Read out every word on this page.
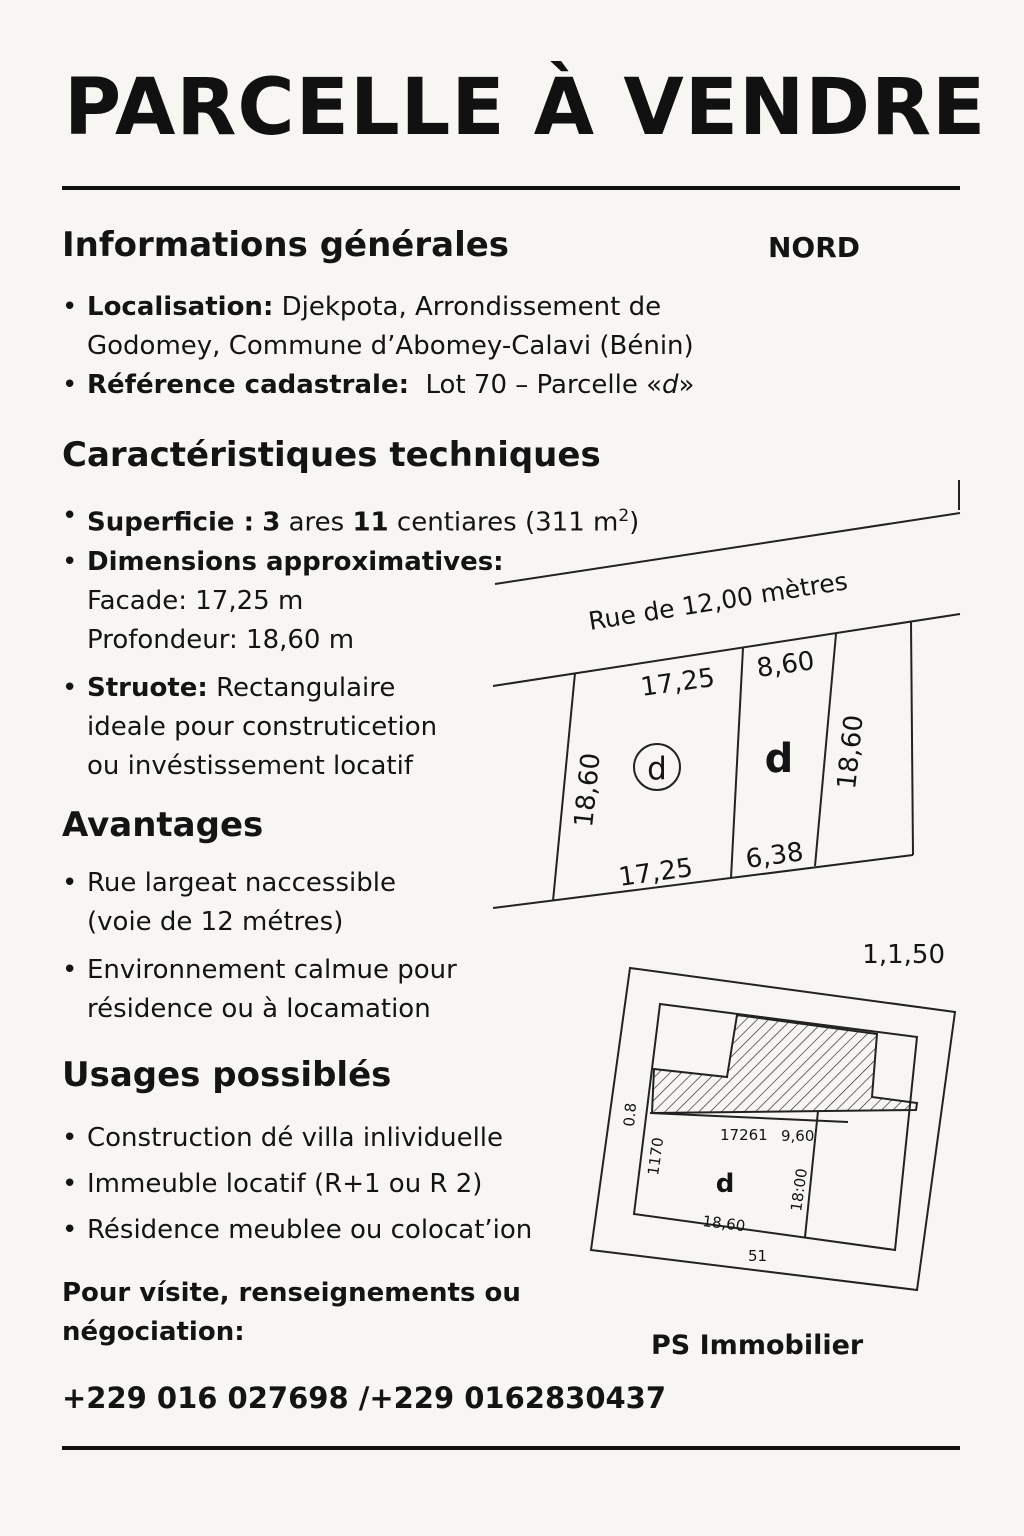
PARCELLE À VENDRE
Informations générales	NORD
• Localisation: Djekpota, Arrondissement de
Godomey, Commune d’Abomey-Calavi (Bénin)
• Référence cadastrale: Lot 70 – Parcelle «d»
Caractéristiques techniques
• Superficie : 3 ares 11 centiares (311 $m^2$)
• Dimensions approximatives:
Facade: 17,25 m
Profondeur: 18,60 m
• Struote: Rectangulaire
ideale pour construticetion
ou invéstissement locatif
Avantages
• Rue largeat naccessible
(voie de 12 métres)
• Environnement calmue pour
résidence ou à locamation
Usages possiblés
• Construction dé villa inlividuelle
• Immeuble locatif (R+1 ou R 2)
• Résidence meublee ou colocat’ion
Pour vísite, renseignements ou
négociation:
+229 016 027698 /+229 0162830437
PS Immobilier
Rue de 12,00 mètres
17,25 8,60
17,25 6,38
18,60	18,60
d d
1,1,50
0.8
1170
17261 9,60
18:00
d
18,60
51
